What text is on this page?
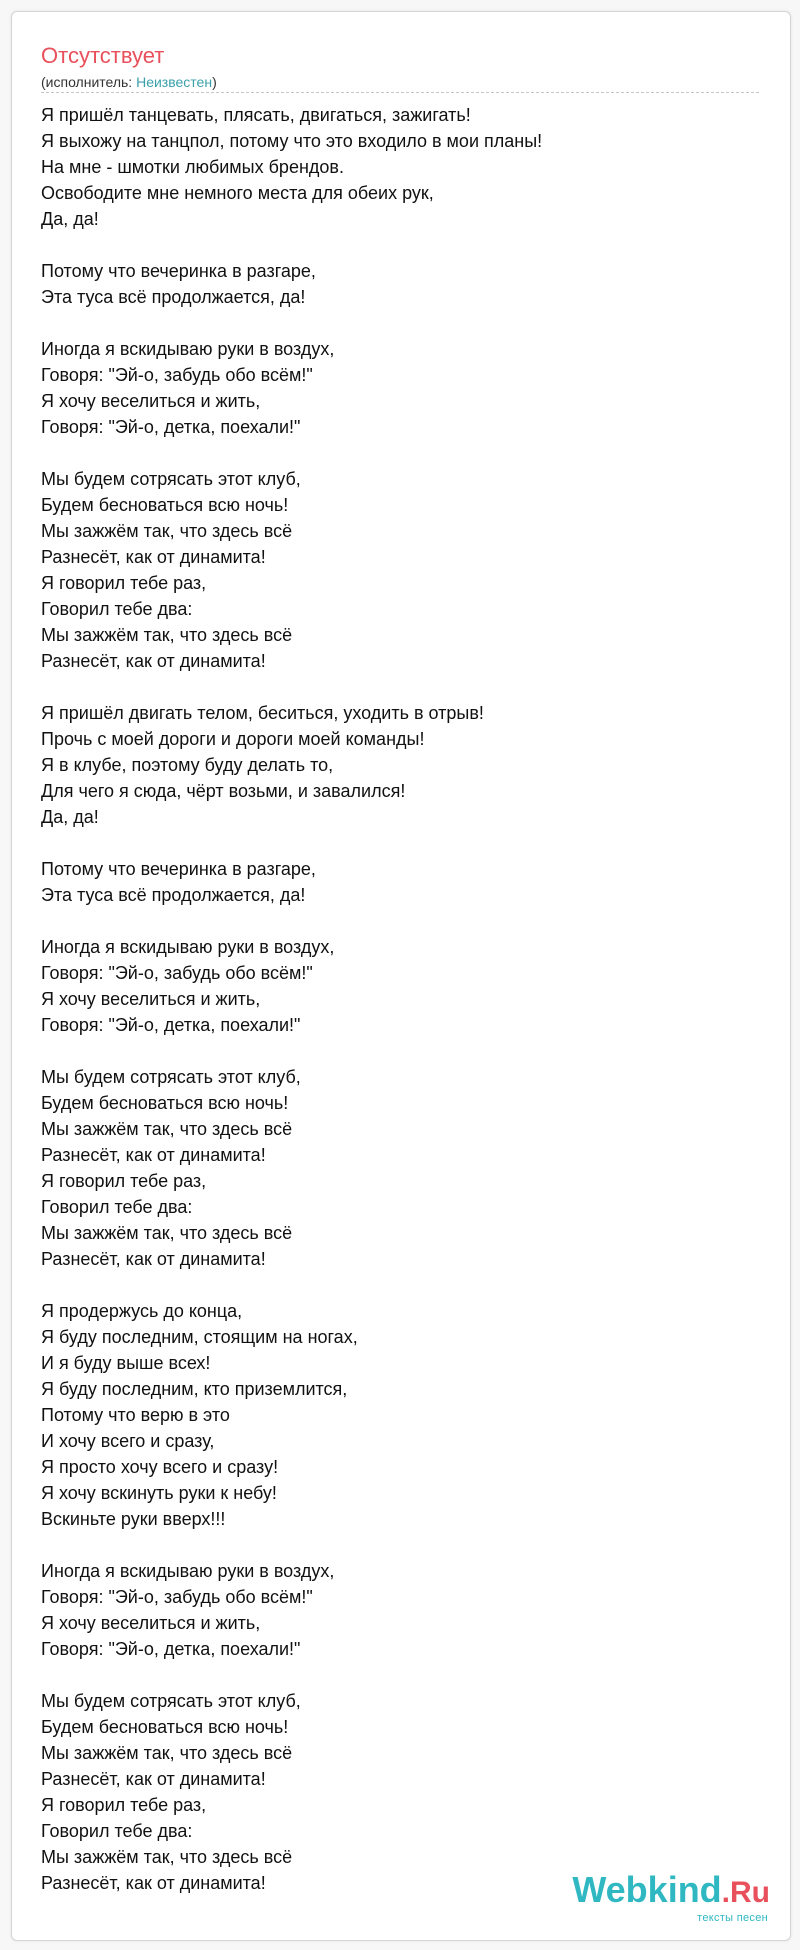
Отсутствует
(исполнитель: Неизвестен)
Я пришёл танцевать, плясать, двигаться, зажигать!
Я выхожу на танцпол, потому что это входило в мои планы!
На мне - шмотки любимых брендов.
Освободите мне немного места для обеих рук,
Да, да!
Потому что вечеринка в разгаре,
Эта туса всё продолжается, да!
Иногда я вскидываю руки в воздух,
Говоря: "Эй-о, забудь обо всём!"
Я хочу веселиться и жить,
Говоря: "Эй-о, детка, поехали!"
Мы будем сотрясать этот клуб,
Будем бесноваться всю ночь!
Мы зажжём так, что здесь всё
Разнесёт, как от динамита!
Я говорил тебе раз,
Говорил тебе два:
Мы зажжём так, что здесь всё
Разнесёт, как от динамита!
Я пришёл двигать телом, беситься, уходить в отрыв!
Прочь с моей дороги и дороги моей команды!
Я в клубе, поэтому буду делать то,
Для чего я сюда, чёрт возьми, и завалился!
Да, да!
Потому что вечеринка в разгаре,
Эта туса всё продолжается, да!
Иногда я вскидываю руки в воздух,
Говоря: "Эй-о, забудь обо всём!"
Я хочу веселиться и жить,
Говоря: "Эй-о, детка, поехали!"
Мы будем сотрясать этот клуб,
Будем бесноваться всю ночь!
Мы зажжём так, что здесь всё
Разнесёт, как от динамита!
Я говорил тебе раз,
Говорил тебе два:
Мы зажжём так, что здесь всё
Разнесёт, как от динамита!
Я продержусь до конца,
Я буду последним, стоящим на ногах,
И я буду выше всех!
Я буду последним, кто приземлится,
Потому что верю в это
И хочу всего и сразу,
Я просто хочу всего и сразу!
Я хочу вскинуть руки к небу!
Вскиньте руки вверх!!!
Иногда я вскидываю руки в воздух,
Говоря: "Эй-о, забудь обо всём!"
Я хочу веселиться и жить,
Говоря: "Эй-о, детка, поехали!"
Мы будем сотрясать этот клуб,
Будем бесноваться всю ночь!
Мы зажжём так, что здесь всё
Разнесёт, как от динамита!
Я говорил тебе раз,
Говорил тебе два:
Мы зажжём так, что здесь всё
Разнесёт, как от динамита!	Webkind.Ru
тексты песен
